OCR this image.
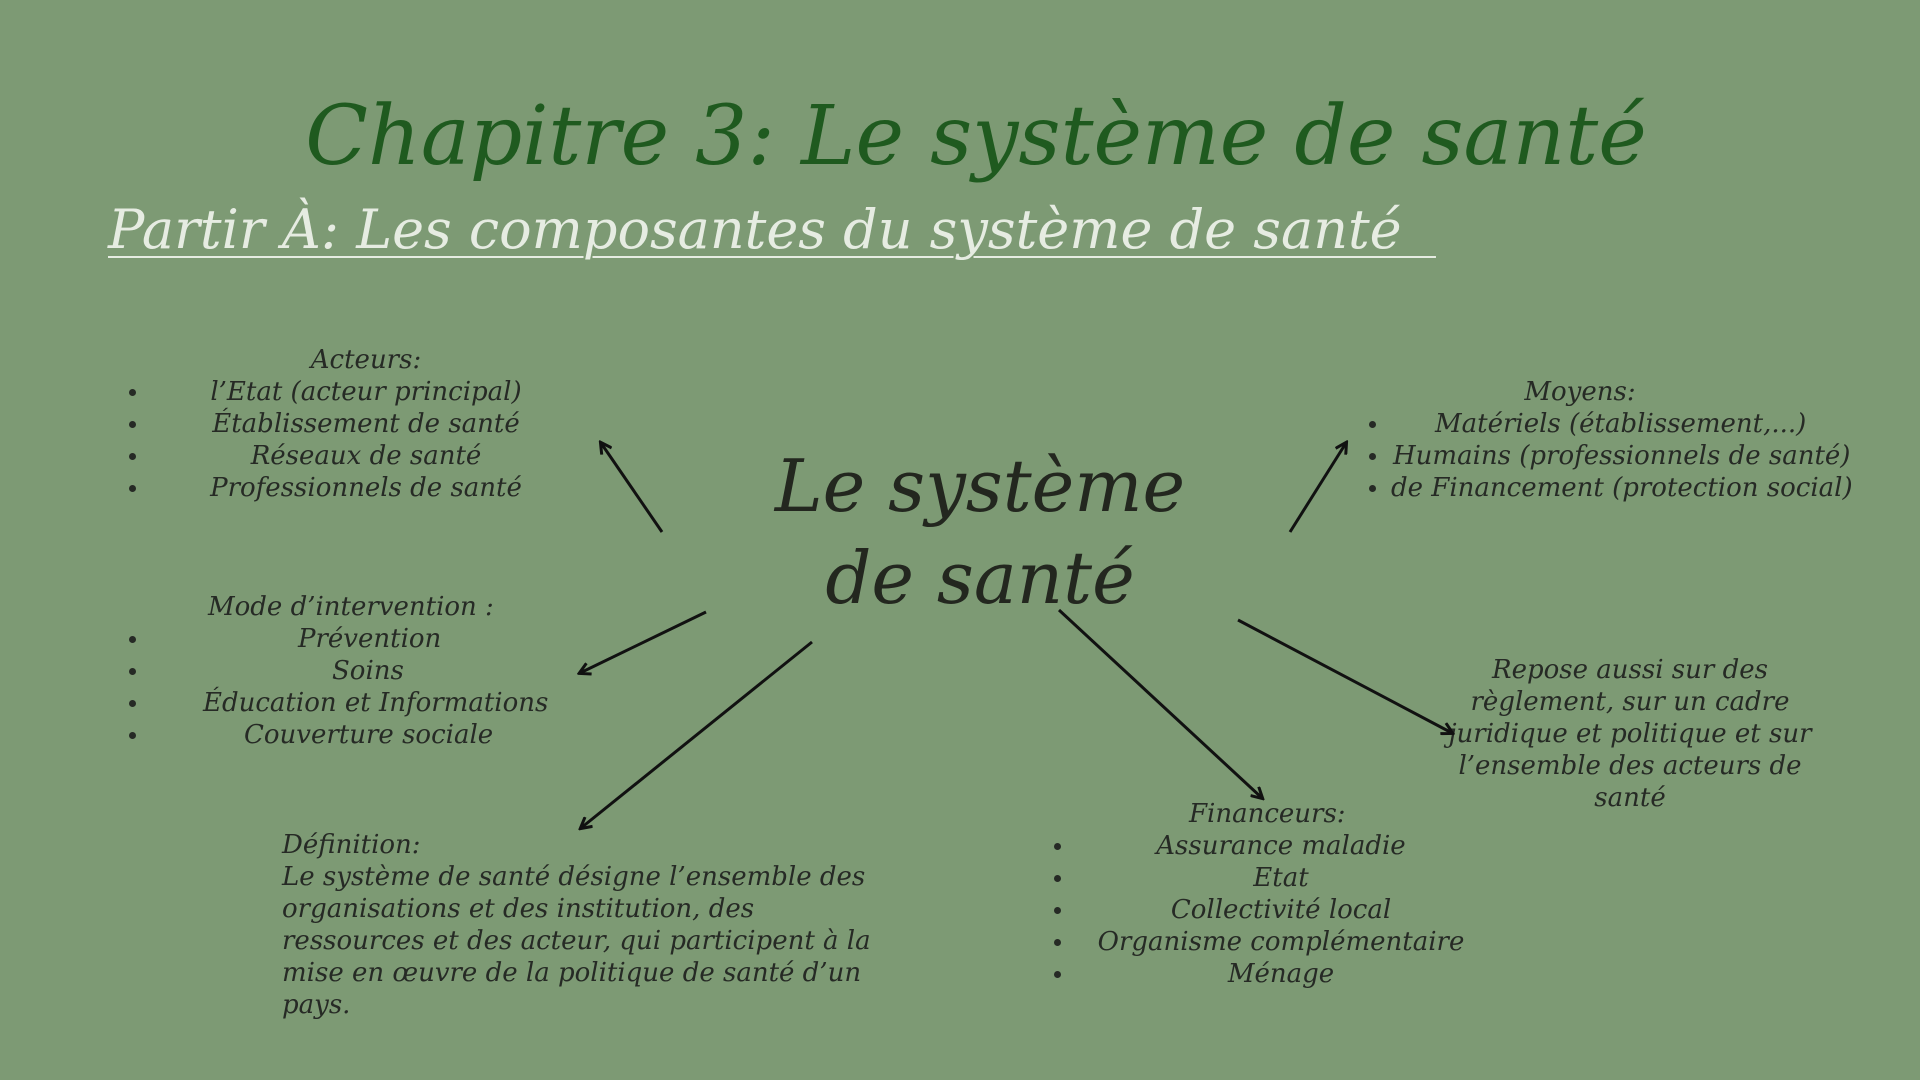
Chapitre 3: Le système de santé
Partir À: Les composantes du système de santé
Le système de santé
Acteurs:
l’Etat (acteur principal)
Établissement de santé
Réseaux de santé
Professionnels de santé
Mode d’intervention :
Prévention
Soins
Éducation et Informations
Couverture sociale
Moyens:
Matériels (établissement,...)
Humains (professionnels de santé)
de Financement (protection social)
Financeurs:
Assurance maladie
Etat
Collectivité local
Organisme complémentaire
Ménage
Repose aussi sur des règlement, sur un cadre juridique et politique et sur l’ensemble des acteurs de santé
Définition:
Le système de santé désigne l’ensemble des organisations et des institution, des ressources et des acteur, qui participent à la mise en œuvre de la politique de santé d’un pays.
